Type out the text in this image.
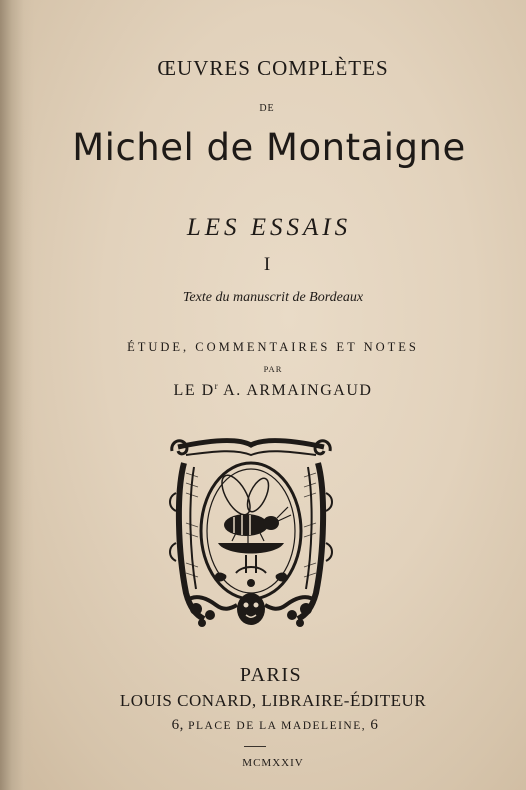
ŒUVRES COMPLÈTES
DE
Michel de Montaigne
LES ESSAIS
I
Texte du manuscrit de Bordeaux
ÉTUDE, COMMENTAIRES ET NOTES
PAR
LE $D^r$ A. ARMAINGAUD
PARIS
LOUIS CONARD, LIBRAIRE-ÉDITEUR
6, PLACE DE LA MADELEINE, 6
MCMXXIV
